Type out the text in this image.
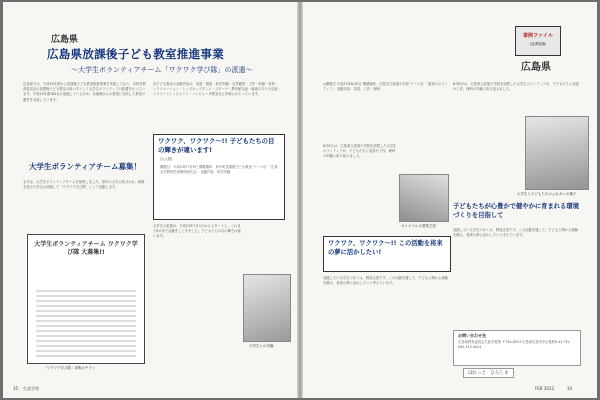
広島県
広島県放課後子ども教室推進事業
〜大学生ボランティアチーム「ワクワク学び隊」の派遣〜
広島県では、平成19年度から放課後子ども教室推進事業を実施しており、市町村教育委員会の放課後子ども教室の担い手として大学生ボランティアの派遣を行っています。平成23年度185名が登録しているほか、各地域からの要望に対応して教室の運営を支援しています。
大学生ボランティアチーム募集！
まずは、大学生ボランティアチームを募集しました。県内の大学に呼びかけ、研修を受けた学生は登録して「ワクワク学び隊」として活動します。
大学生ボランティアチーム ワクワク学び隊 大募集!!
「ワクワク学び隊」募集のチラシ
各子ども教室の活動内容は、英語・書道・科学実験・自然観察・工作・料理・体育・レクリエーション・ヒップホップダンス・スポーツ・異年齢交流・地域の方との交流・フラワーアレンジメント・コンピュータ教室など多岐にわたっています。
ワクワク、ワクワク〜!! 子どもたちの目の輝きが違います!
(大人版)
開催日：平成23年7月9日 開催場所：府中町放課後子ども教室 テーマ名：「広島大学教育学部理科研究会」 活動内容：科学実験
大学生の派遣は、平成23年7月1日からスタートし、これまで6カ所で活動をしてきました。子どもたちの目の輝きが違います。
大学生との実験
35 生涯学習
事例ファイル
(放課後編)
広島県
◎開催日 平成23年8月8日 開催場所：庄原市立総領小学校 テーマ名：「夏休みボランティア」 活動内容：英語、工作、理科
8月8日は、広島県立総領小学校を訪問した大学生ボランティアが、子どもたちと英語や工作、理科の実験に取り組みました。
オリジナル大型紙芝居
ワクワク、ワクワク〜!! この活動を将来の夢に活かしたい!
登録している学生の多くは、教員志望です。この活動を通して、子どもと関わる経験を積み、将来の夢に活かしたいと考えています。
8月8日は、広島県立総領小学校を訪問した大学生ボランティアが、子どもたちと英語や工作、理科の実験に取り組みました。
大学生と子どもたちのふれあいの様子
子どもたちが心豊かで健やかに育まれる環境づくりを目指して
登録している学生の多くは、教員志望です。この活動を通して、子どもと関わる経験を積み、将来の夢に活かしたいと考えています。
お問い合わせ先
広島県教育委員会生涯学習課 〒730-8514 広島県広島市中区基町9-42 TEL：082-513-5014
ぱれっと　ひろしま
FEB 2012	34
